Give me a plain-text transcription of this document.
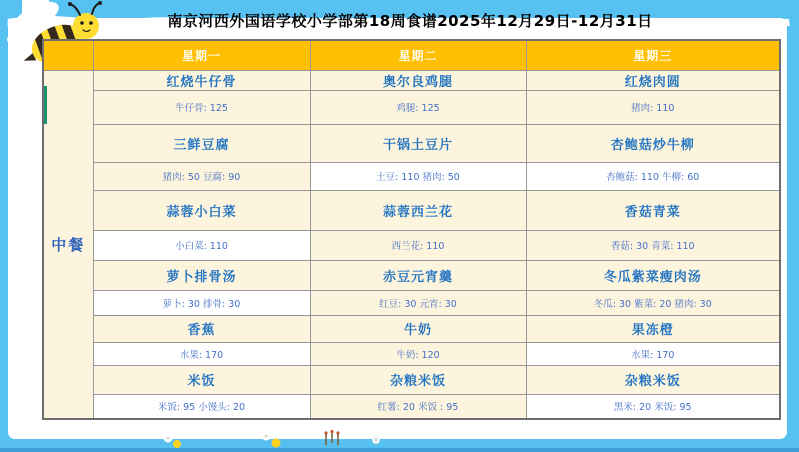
南京河西外国语学校小学部第18周食谱2025年12月29日-12月31日
	星期一	星期二	星期三

中餐	红烧牛仔骨	奥尔良鸡腿	红烧肉圆
	牛仔骨: 125	鸡腿: 125	猪肉: 110
	三鲜豆腐	干锅土豆片	杏鲍菇炒牛柳
	猪肉: 50 豆腐: 90	土豆: 110 猪肉: 50	杏鲍菇: 110 牛柳: 60
	蒜蓉小白菜	蒜蓉西兰花	香菇青菜
	小白菜: 110	西兰花: 110	香菇: 30 青菜: 110
	萝卜排骨汤	赤豆元宵羹	冬瓜紫菜瘦肉汤
	萝卜: 30 排骨: 30	红豆: 30 元宵: 30	冬瓜: 30 紫菜: 20 猪肉: 30
	香蕉	牛奶	果冻橙
	水果: 170	牛奶: 120	水果: 170
	米饭	杂粮米饭	杂粮米饭
	米饭: 95 小馒头: 20	红薯: 20 米饭 : 95	黑米: 20 米饭: 95
